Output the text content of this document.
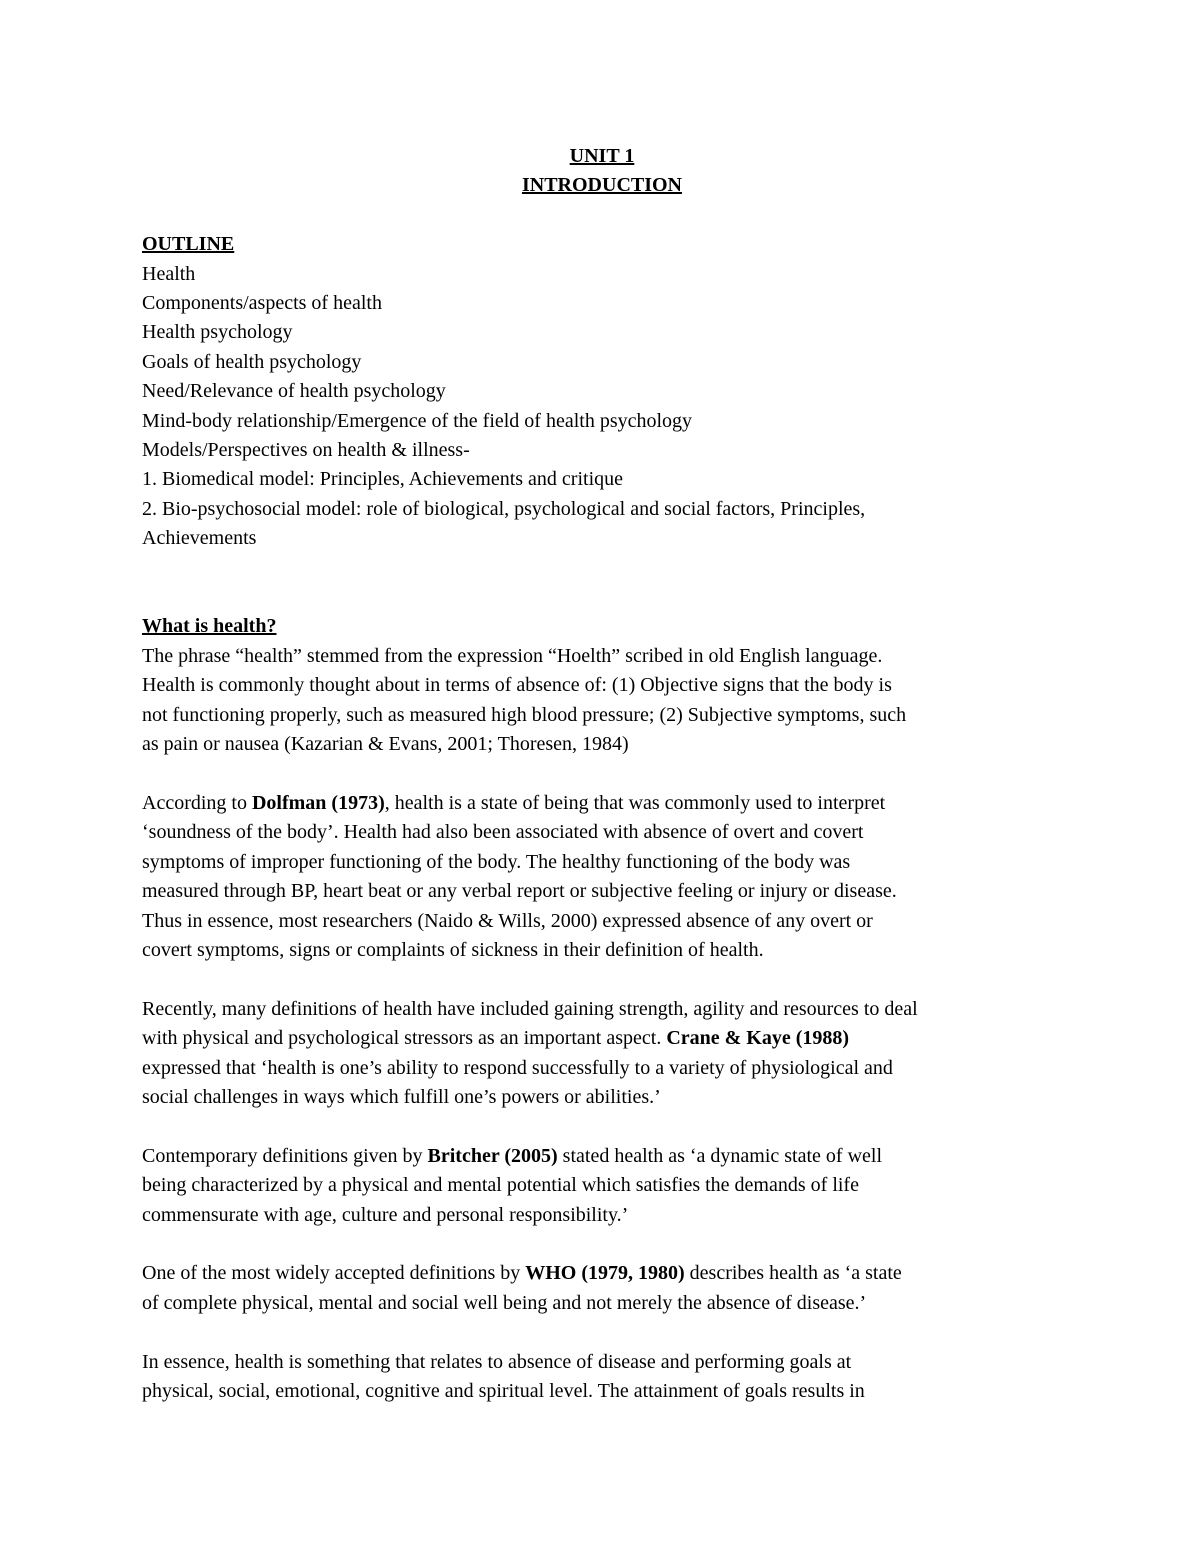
UNIT 1
INTRODUCTION
OUTLINE
Health
Components/aspects of health
Health psychology
Goals of health psychology
Need/Relevance of health psychology
Mind-body relationship/Emergence of the field of health psychology
Models/Perspectives on health & illness-
1. Biomedical model: Principles, Achievements and critique
2. Bio-psychosocial model: role of biological, psychological and social factors, Principles,
Achievements
What is health?
The phrase “health” stemmed from the expression “Hoelth” scribed in old English language.
Health is commonly thought about in terms of absence of: (1) Objective signs that the body is
not functioning properly, such as measured high blood pressure; (2) Subjective symptoms, such
as pain or nausea (Kazarian & Evans, 2001; Thoresen, 1984)
According to Dolfman (1973), health is a state of being that was commonly used to interpret
‘soundness of the body’. Health had also been associated with absence of overt and covert
symptoms of improper functioning of the body. The healthy functioning of the body was
measured through BP, heart beat or any verbal report or subjective feeling or injury or disease.
Thus in essence, most researchers (Naido & Wills, 2000) expressed absence of any overt or
covert symptoms, signs or complaints of sickness in their definition of health.
Recently, many definitions of health have included gaining strength, agility and resources to deal
with physical and psychological stressors as an important aspect. Crane & Kaye (1988)
expressed that ‘health is one’s ability to respond successfully to a variety of physiological and
social challenges in ways which fulfill one’s powers or abilities.’
Contemporary definitions given by Britcher (2005) stated health as ‘a dynamic state of well
being characterized by a physical and mental potential which satisfies the demands of life
commensurate with age, culture and personal responsibility.’
One of the most widely accepted definitions by WHO (1979, 1980) describes health as ‘a state
of complete physical, mental and social well being and not merely the absence of disease.’
In essence, health is something that relates to absence of disease and performing goals at
physical, social, emotional, cognitive and spiritual level. The attainment of goals results in
